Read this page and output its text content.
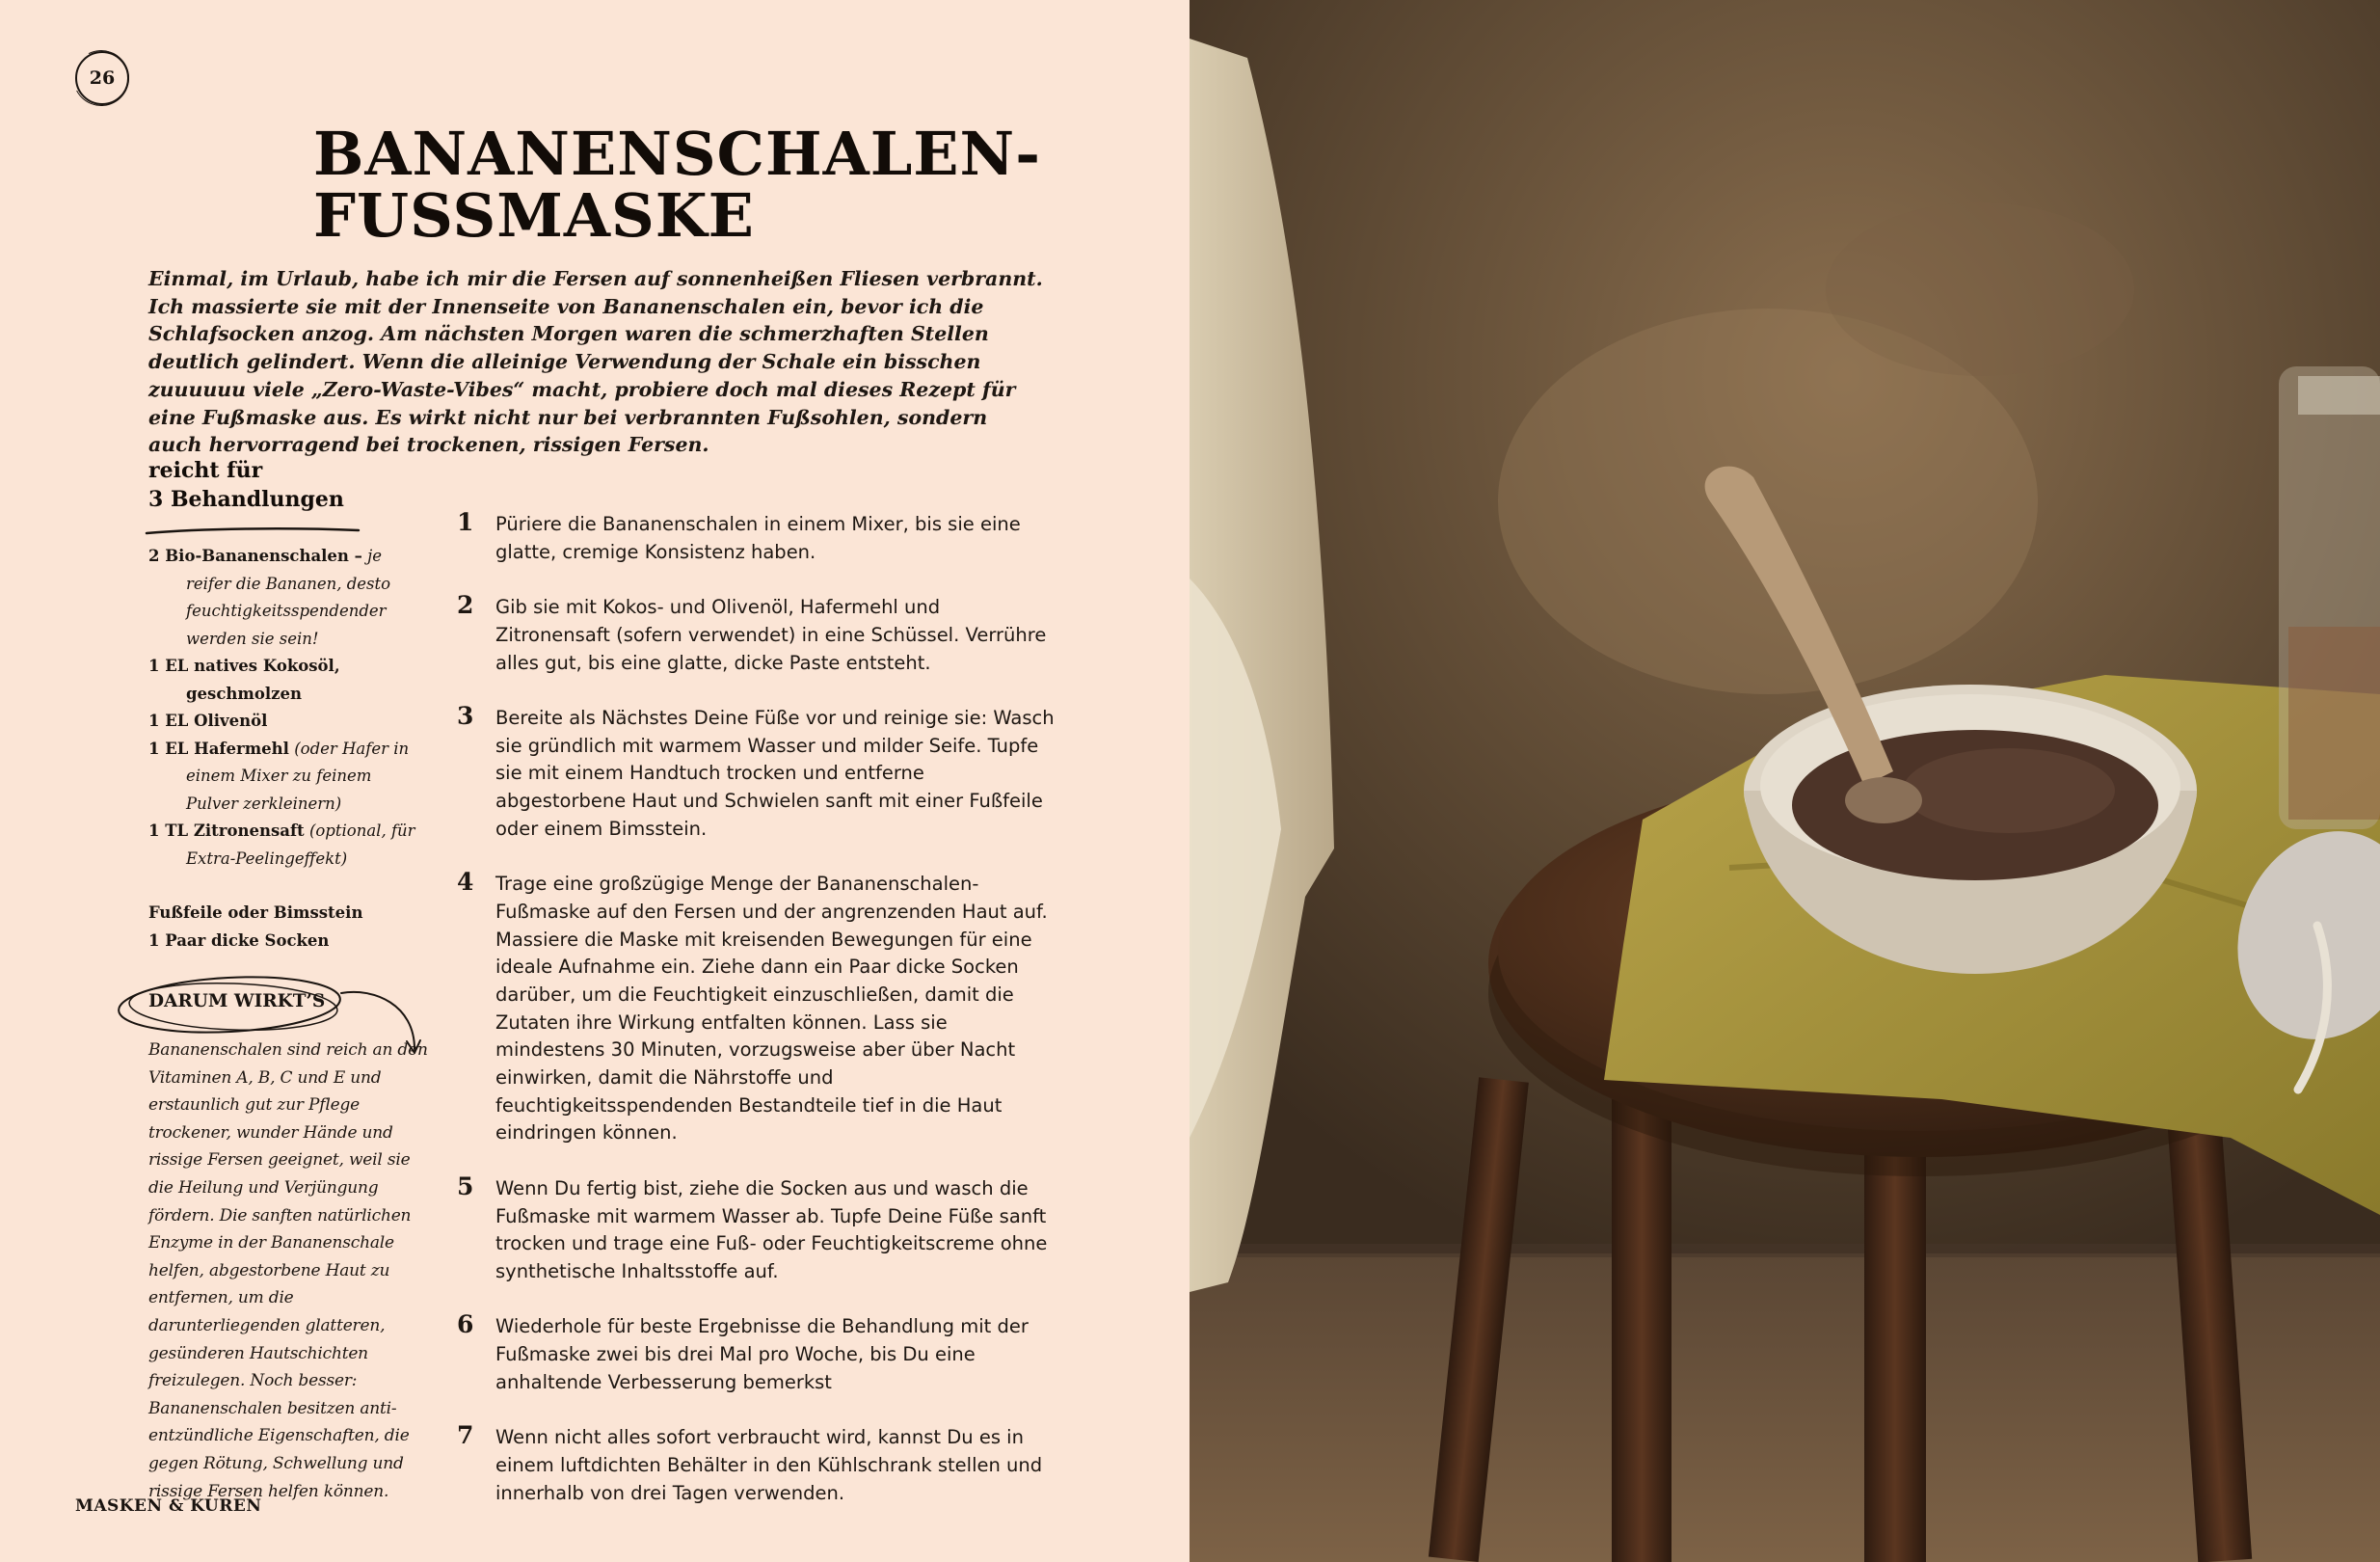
26
BANANENSCHALEN-
FUSSMASKE

Einmal, im Urlaub, habe ich mir die Fersen auf sonnenheißen Fliesen verbrannt. Ich massierte sie mit der Innenseite von Bananenschalen ein, bevor ich die Schlafsocken anzog. Am nächsten Morgen waren die schmerzhaften Stellen deutlich gelindert. Wenn die alleinige Verwendung der Schale ein bisschen zuuuuuu viele „Zero-Waste-Vibes“ macht, probiere doch mal dieses Rezept für eine Fußmaske aus. Es wirkt nicht nur bei verbrannten Fußsohlen, sondern auch hervorragend bei trockenen, rissigen Fersen.

reicht für
3 Behandlungen
2 Bio-Bananenschalen – je reifer die Bananen, desto feuchtigkeitsspendender werden sie sein!
1 EL natives Kokosöl, geschmolzen
1 EL Olivenöl
1 EL Hafermehl (oder Hafer in einem Mixer zu feinem Pulver zerkleinern)
1 TL Zitronensaft (optional, für Extra-Peelingeffekt)
Fußfeile oder Bimsstein
1 Paar dicke Socken

DARUM WIRKT’S

Bananenschalen sind reich an den Vitaminen A, B, C und E und erstaunlich gut zur Pflege trockener, wunder Hände und rissige Fersen geeignet, weil sie die Heilung und Verjüngung fördern. Die sanften natürlichen Enzyme in der Bananenschale helfen, abgestorbene Haut zu entfernen, um die darunterliegenden glatteren, gesünderen Hautschichten freizulegen. Noch besser: Bananenschalen besitzen anti-entzündliche Eigenschaften, die gegen Rötung, Schwellung und rissige Fersen helfen können.

1 Püriere die Bananenschalen in einem Mixer, bis sie eine glatte, cremige Konsistenz haben.
2 Gib sie mit Kokos- und Olivenöl, Hafermehl und Zitronensaft (sofern verwendet) in eine Schüssel. Verrühre alles gut, bis eine glatte, dicke Paste entsteht.
3 Bereite als Nächstes Deine Füße vor und reinige sie: Wasch sie gründlich mit warmem Wasser und milder Seife. Tupfe sie mit einem Handtuch trocken und entferne abgestorbene Haut und Schwielen sanft mit einer Fußfeile oder einem Bimsstein.
4 Trage eine großzügige Menge der Bananenschalen-Fußmaske auf den Fersen und der angrenzenden Haut auf. Massiere die Maske mit kreisenden Bewegungen für eine ideale Aufnahme ein. Ziehe dann ein Paar dicke Socken darüber, um die Feuchtigkeit einzuschließen, damit die Zutaten ihre Wirkung entfalten können. Lass sie mindestens 30 Minuten, vorzugsweise aber über Nacht einwirken, damit die Nährstoffe und feuchtigkeitsspendenden Bestandteile tief in die Haut eindringen können.
5 Wenn Du fertig bist, ziehe die Socken aus und wasch die Fußmaske mit warmem Wasser ab. Tupfe Deine Füße sanft trocken und trage eine Fuß- oder Feuchtigkeitscreme ohne synthetische Inhaltsstoffe auf.
6 Wiederhole für beste Ergebnisse die Behandlung mit der Fußmaske zwei bis drei Mal pro Woche, bis Du eine anhaltende Verbesserung bemerkst
7 Wenn nicht alles sofort verbraucht wird, kannst Du es in einem luftdichten Behälter in den Kühlschrank stellen und innerhalb von drei Tagen verwenden.

MASKEN & KUREN
